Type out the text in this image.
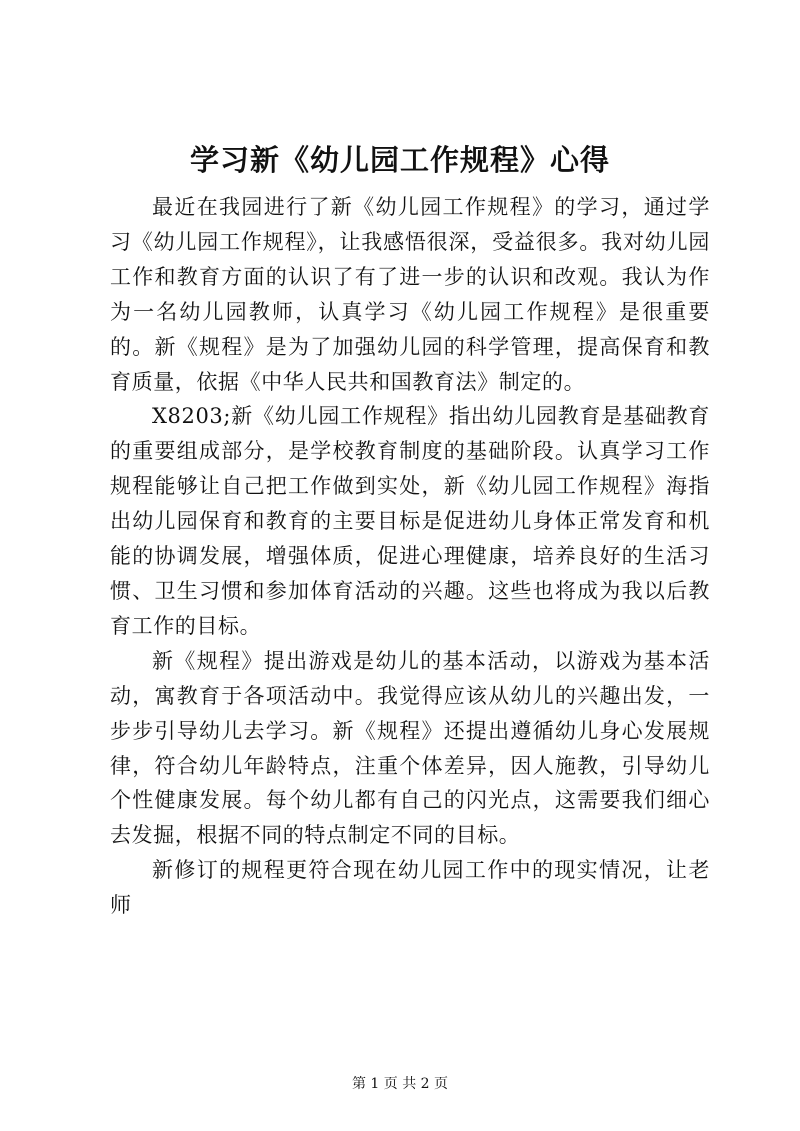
学习新《幼儿园工作规程》心得

最近在我园进行了新《幼儿园工作规程》的学习，通过学习《幼儿园工作规程》，让我感悟很深，受益很多。我对幼儿园工作和教育方面的认识了有了进一步的认识和改观。我认为作为一名幼儿园教师，认真学习《幼儿园工作规程》是很重要的。新《规程》是为了加强幼儿园的科学管理，提高保育和教育质量，依据《中华人民共和国教育法》制定的。

X8203;新《幼儿园工作规程》指出幼儿园教育是基础教育的重要组成部分，是学校教育制度的基础阶段。认真学习工作规程能够让自己把工作做到实处，新《幼儿园工作规程》海指出幼儿园保育和教育的主要目标是促进幼儿身体正常发育和机能的协调发展，增强体质，促进心理健康，培养良好的生活习惯、卫生习惯和参加体育活动的兴趣。这些也将成为我以后教育工作的目标。

新《规程》提出游戏是幼儿的基本活动，以游戏为基本活动，寓教育于各项活动中。我觉得应该从幼儿的兴趣出发，一步步引导幼儿去学习。新《规程》还提出遵循幼儿身心发展规律，符合幼儿年龄特点，注重个体差异，因人施教，引导幼儿个性健康发展。每个幼儿都有自己的闪光点，这需要我们细心去发掘，根据不同的特点制定不同的目标。

新修订的规程更符合现在幼儿园工作中的现实情况，让老师

第 1 页 共 2 页
